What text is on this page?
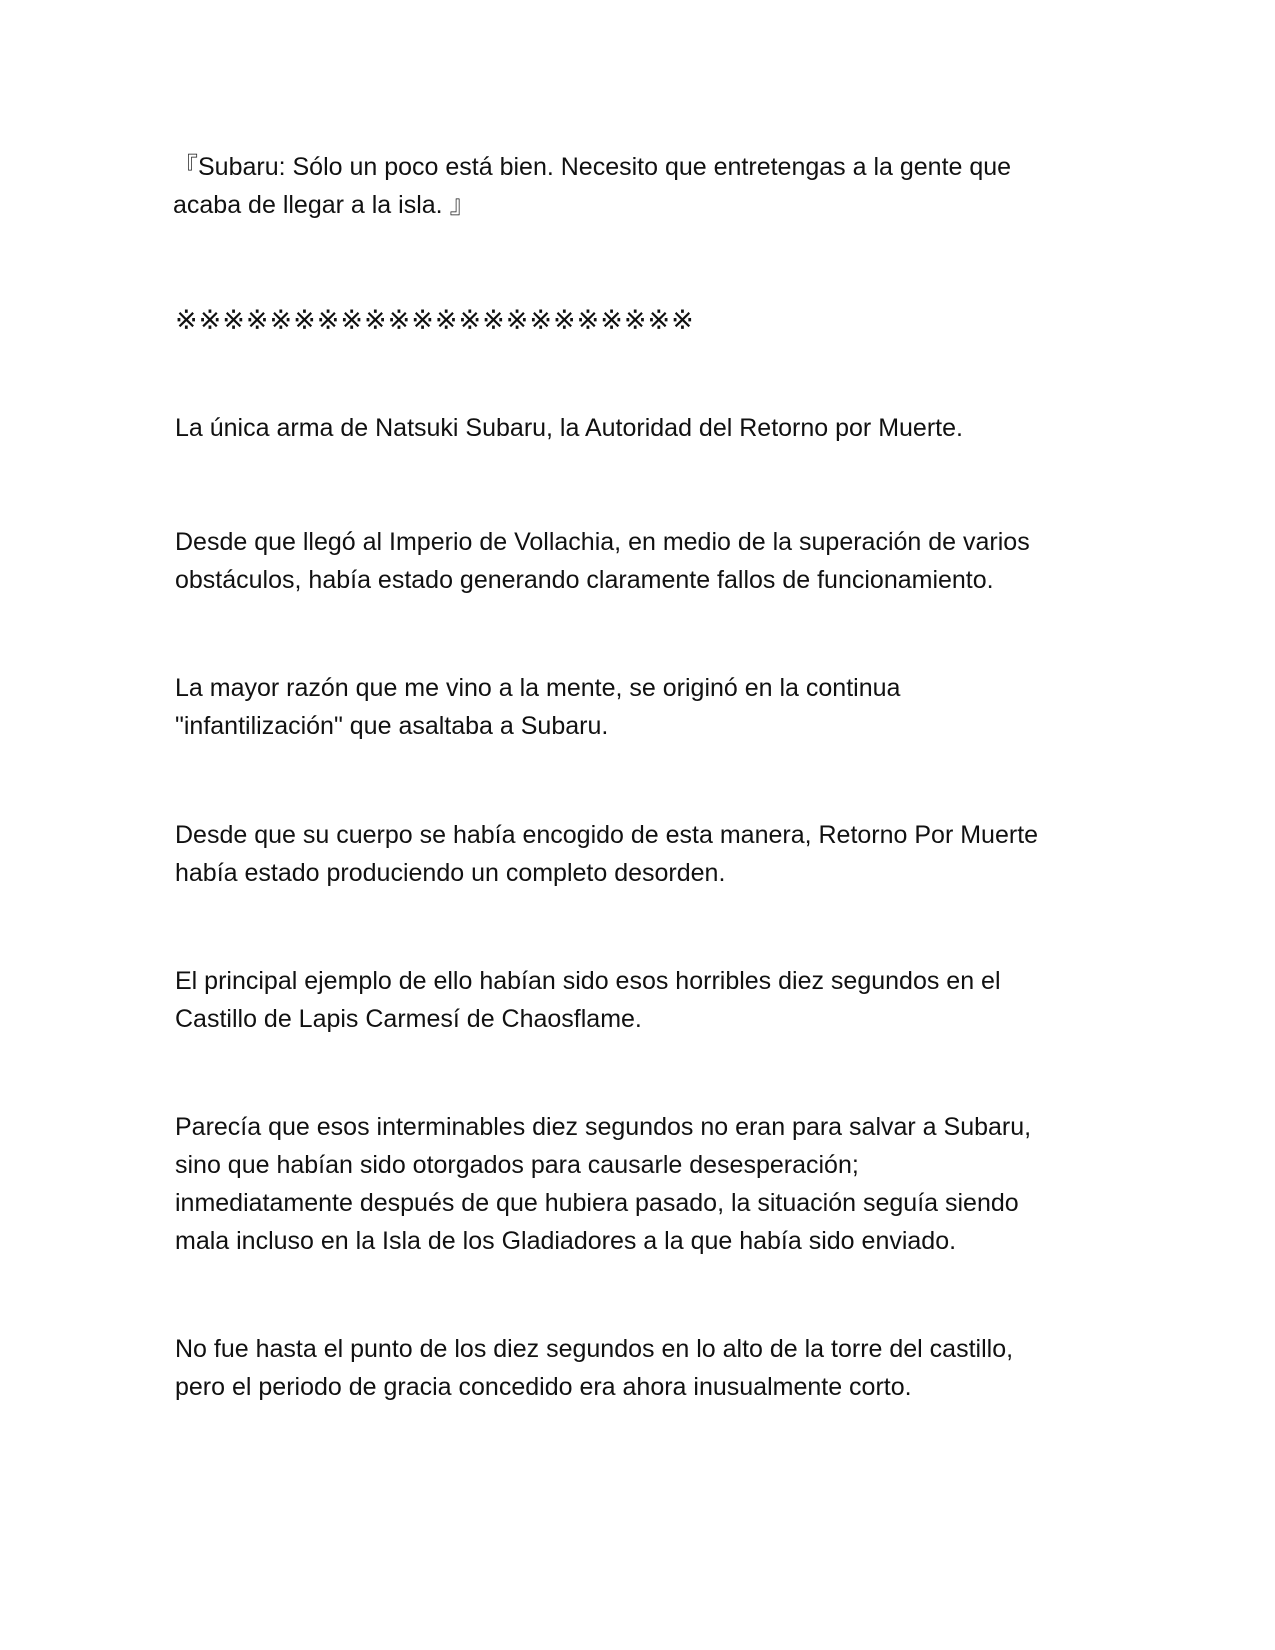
『Subaru: Sólo un poco está bien. Necesito que entretengas a la gente que
acaba de llegar a la isla. 』

※※※※※※※※※※※※※※※※※※※※※※

La única arma de Natsuki Subaru, la Autoridad del Retorno por Muerte.

Desde que llegó al Imperio de Vollachia, en medio de la superación de varios
obstáculos, había estado generando claramente fallos de funcionamiento.

La mayor razón que me vino a la mente, se originó en la continua
"infantilización" que asaltaba a Subaru.

Desde que su cuerpo se había encogido de esta manera, Retorno Por Muerte
había estado produciendo un completo desorden.

El principal ejemplo de ello habían sido esos horribles diez segundos en el
Castillo de Lapis Carmesí de Chaosflame.

Parecía que esos interminables diez segundos no eran para salvar a Subaru,
sino que habían sido otorgados para causarle desesperación;
inmediatamente después de que hubiera pasado, la situación seguía siendo
mala incluso en la Isla de los Gladiadores a la que había sido enviado.

No fue hasta el punto de los diez segundos en lo alto de la torre del castillo,
pero el periodo de gracia concedido era ahora inusualmente corto.
